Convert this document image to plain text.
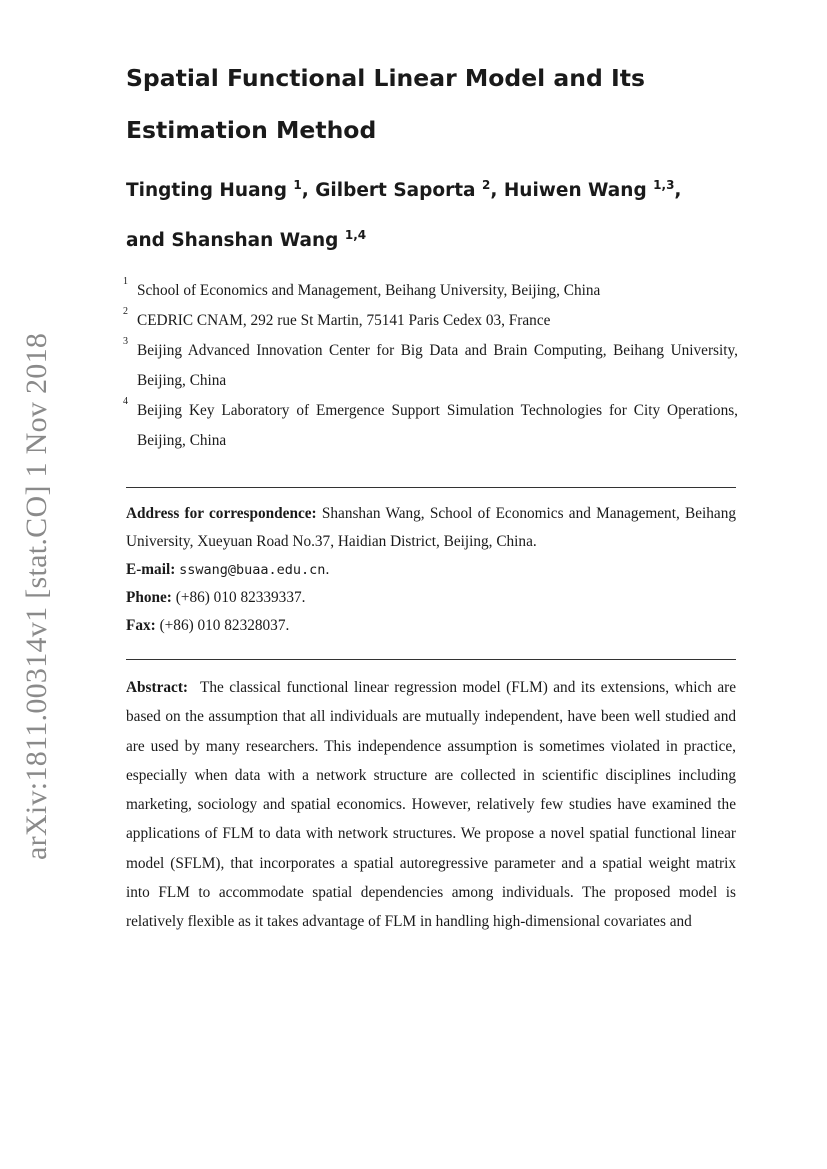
arXiv:1811.00314v1 [stat.CO] 1 Nov 2018
Spatial Functional Linear Model and Its Estimation Method
Tingting Huang $^1$, Gilbert Saporta $^2$, Huiwen Wang $^{1,3}$,
and Shanshan Wang $^{1,4}$
1
School of Economics and Management, Beihang University, Beijing, China
2
CEDRIC CNAM, 292 rue St Martin, 75141 Paris Cedex 03, France
3
Beijing Advanced Innovation Center for Big Data and Brain Computing, Beihang University, Beijing, China
4
Beijing Key Laboratory of Emergence Support Simulation Technologies for City Operations, Beijing, China
Address for correspondence: Shanshan Wang, School of Economics and Management, Beihang University, Xueyuan Road No.37, Haidian District, Beijing, China.
E-mail: sswang@buaa.edu.cn.
Phone: (+86) 010 82339337.
Fax: (+86) 010 82328037.

Abstract: The classical functional linear regression model (FLM) and its extensions, which are based on the assumption that all individuals are mutually independent, have been well studied and are used by many researchers. This independence assumption is sometimes violated in practice, especially when data with a network structure are collected in scientific disciplines including marketing, sociology and spatial economics. However, relatively few studies have examined the applications of FLM to data with network structures. We propose a novel spatial functional linear model (SFLM), that incorporates a spatial autoregressive parameter and a spatial weight matrix into FLM to accommodate spatial dependencies among individuals. The proposed model is relatively flexible as it takes advantage of FLM in handling high-dimensional covariates and
